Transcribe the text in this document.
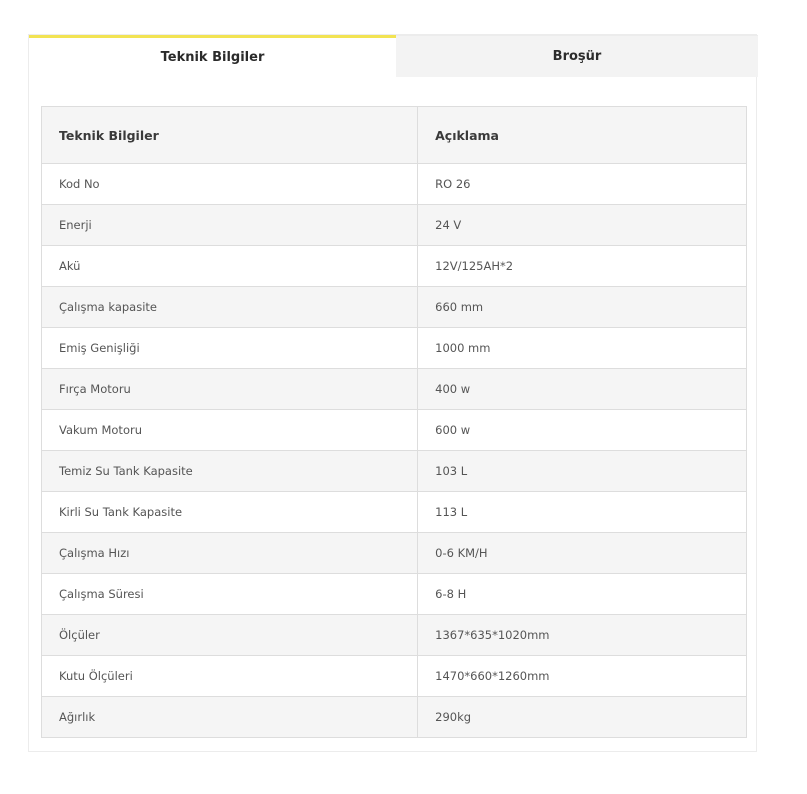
Teknik Bilgiler	Broşür
Teknik Bilgiler	Açıklama
Kod No	RO 26
Enerji	24 V
Akü	12V/125AH*2
Çalışma kapasite	660 mm
Emiş Genişliği	1000 mm
Fırça Motoru	400 w
Vakum Motoru	600 w
Temiz Su Tank Kapasite	103 L
Kirli Su Tank Kapasite	113 L
Çalışma Hızı	0-6 KM/H
Çalışma Süresi	6-8 H
Ölçüler	1367*635*1020mm
Kutu Ölçüleri	1470*660*1260mm
Ağırlık	290kg
